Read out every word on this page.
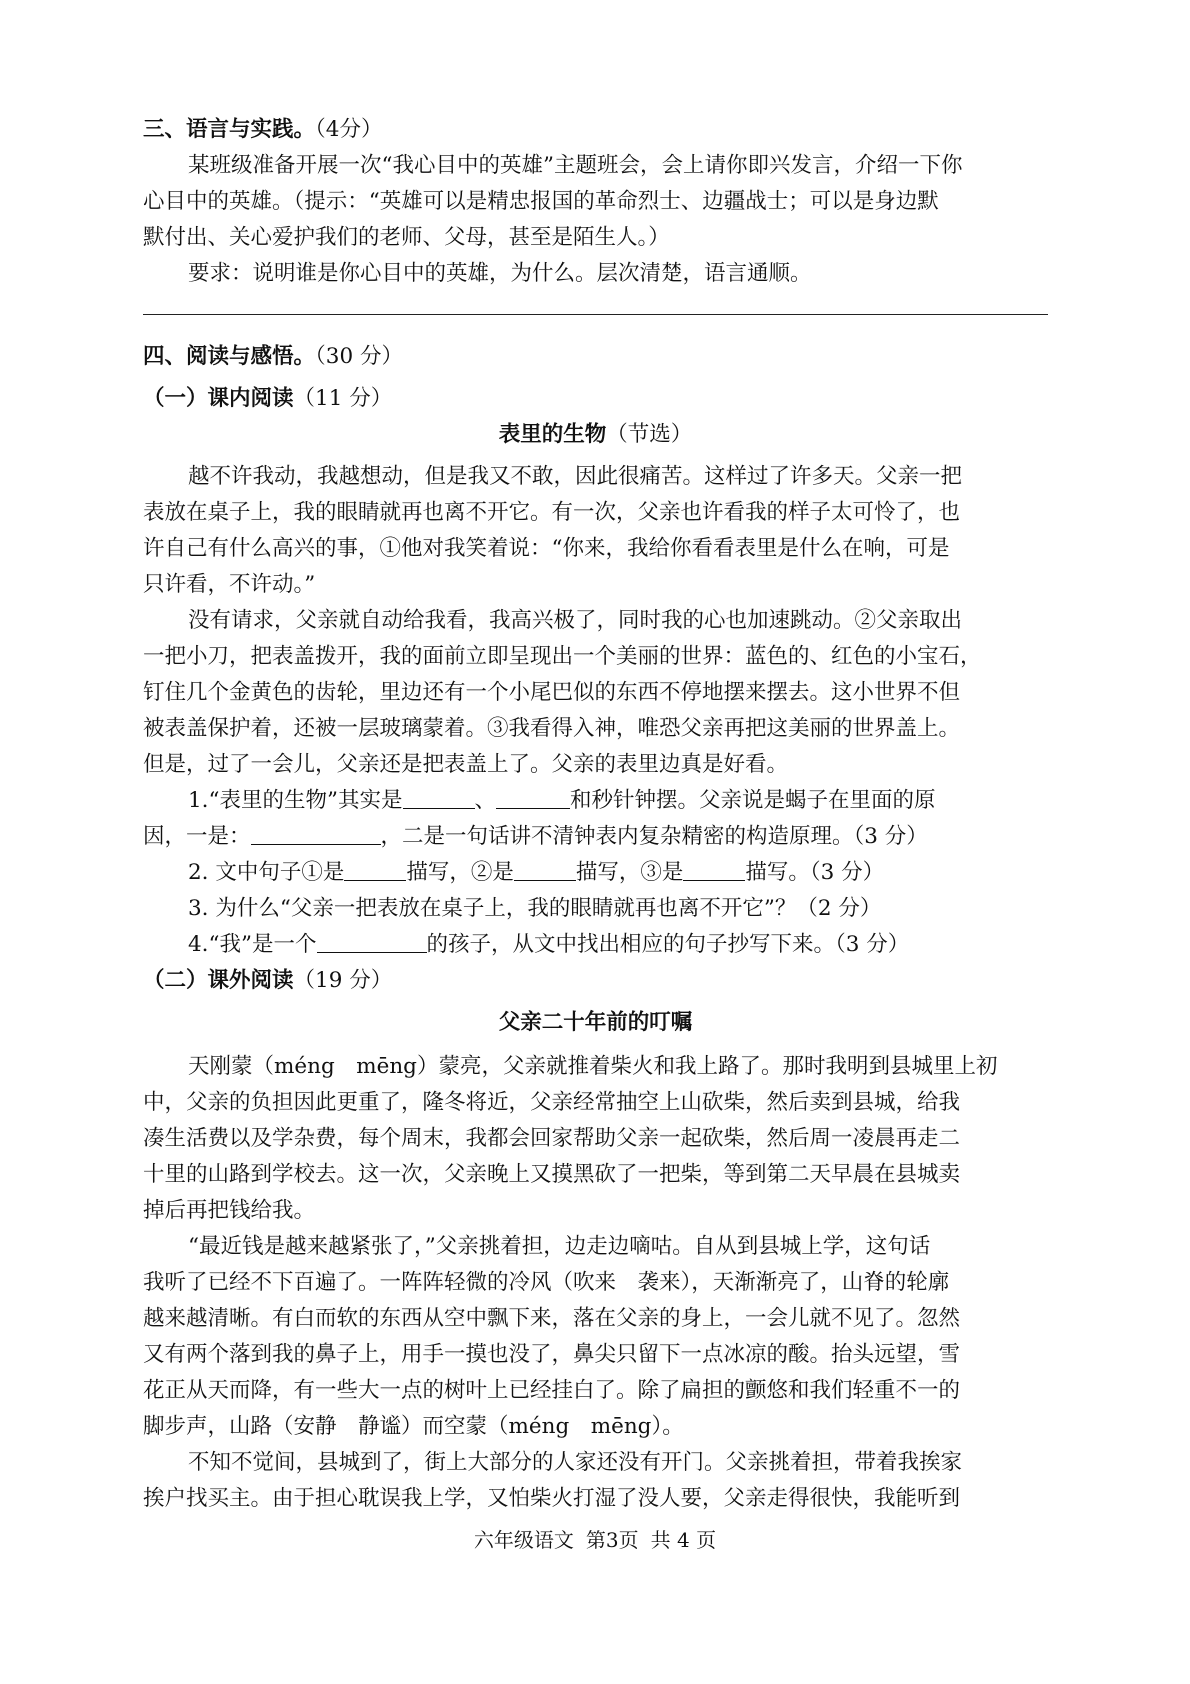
三、语言与实践。（4分）
某班级准备开展一次“我心目中的英雄”主题班会，会上请你即兴发言，介绍一下你
心目中的英雄。（提示：“英雄可以是精忠报国的革命烈士、边疆战士；可以是身边默
默付出、关心爱护我们的老师、父母，甚至是陌生人。）
要求：说明谁是你心目中的英雄，为什么。层次清楚，语言通顺。
四、阅读与感悟。（30 分）
（一）课内阅读（11 分）
表里的生物（节选）
越不许我动，我越想动，但是我又不敢，因此很痛苦。这样过了许多天。父亲一把
表放在桌子上，我的眼睛就再也离不开它。有一次，父亲也许看我的样子太可怜了，也
许自己有什么高兴的事，①他对我笑着说：“你来，我给你看看表里是什么在响，可是
只许看，不许动。”
没有请求，父亲就自动给我看，我高兴极了，同时我的心也加速跳动。②父亲取出
一把小刀，把表盖拨开，我的面前立即呈现出一个美丽的世界：蓝色的、红色的小宝石，
钉住几个金黄色的齿轮，里边还有一个小尾巴似的东西不停地摆来摆去。这小世界不但
被表盖保护着，还被一层玻璃蒙着。③我看得入神，唯恐父亲再把这美丽的世界盖上。
但是，过了一会儿，父亲还是把表盖上了。父亲的表里边真是好看。
1.“表里的生物”其实是	、	和秒针钟摆。父亲说是蝎子在里面的原
因，一是：	，二是一句话讲不清钟表内复杂精密的构造原理。（3 分）
2. 文中句子①是	描写，②是	描写，③是	描写。（3 分）
3. 为什么“父亲一把表放在桌子上，我的眼睛就再也离不开它”？（2 分）
4.“我”是一个	的孩子，从文中找出相应的句子抄写下来。（3 分）
（二）课外阅读（19 分）
父亲二十年前的叮嘱
天刚蒙（méng　mēng）蒙亮，父亲就推着柴火和我上路了。那时我明到县城里上初
中，父亲的负担因此更重了，隆冬将近，父亲经常抽空上山砍柴，然后卖到县城，给我
凑生活费以及学杂费，每个周末，我都会回家帮助父亲一起砍柴，然后周一凌晨再走二
十里的山路到学校去。这一次，父亲晚上又摸黑砍了一把柴，等到第二天早晨在县城卖
掉后再把钱给我。
“最近钱是越来越紧张了，”父亲挑着担，边走边嘀咕。自从到县城上学，这句话
我听了已经不下百遍了。一阵阵轻微的冷风（吹来　袭来），天渐渐亮了，山脊的轮廓
越来越清晰。有白而软的东西从空中飘下来，落在父亲的身上，一会儿就不见了。忽然
又有两个落到我的鼻子上，用手一摸也没了，鼻尖只留下一点冰凉的酸。抬头远望，雪
花正从天而降，有一些大一点的树叶上已经挂白了。除了扁担的颤悠和我们轻重不一的
脚步声，山路（安静　静谧）而空蒙（méng　mēng）。
不知不觉间，县城到了，街上大部分的人家还没有开门。父亲挑着担，带着我挨家
挨户找买主。由于担心耽误我上学，又怕柴火打湿了没人要，父亲走得很快，我能听到
六年级语文 第3页 共 4 页
